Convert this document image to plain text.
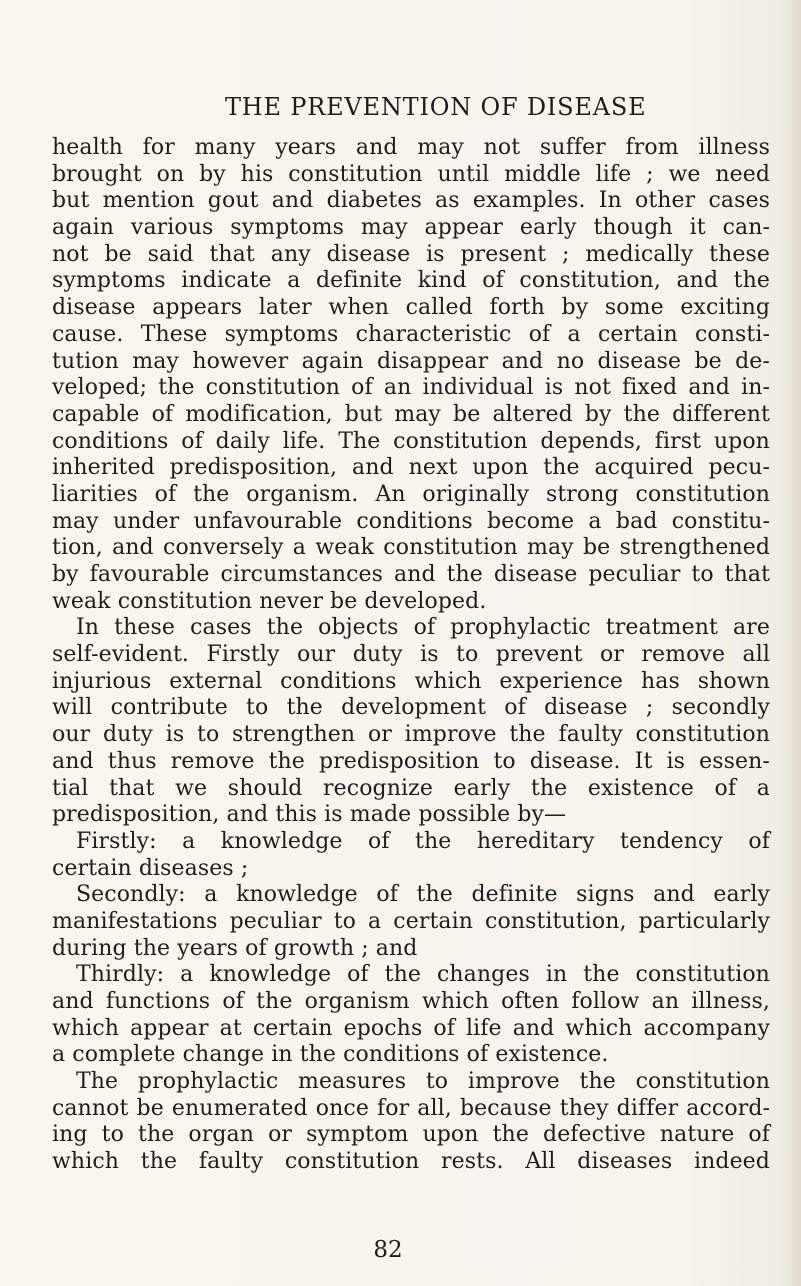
THE PREVENTION OF DISEASE
health for many years and may not suffer from illness
brought on by his constitution until middle life ; we need
but mention gout and diabetes as examples. In other cases
again various symptoms may appear early though it can-
not be said that any disease is present ; medically these
symptoms indicate a definite kind of constitution, and the
disease appears later when called forth by some exciting
cause. These symptoms characteristic of a certain consti-
tution may however again disappear and no disease be de-
veloped; the constitution of an individual is not fixed and in-
capable of modification, but may be altered by the different
conditions of daily life. The constitution depends, first upon
inherited predisposition, and next upon the acquired pecu-
liarities of the organism. An originally strong constitution
may under unfavourable conditions become a bad constitu-
tion, and conversely a weak constitution may be strengthened
by favourable circumstances and the disease peculiar to that
weak constitution never be developed.
In these cases the objects of prophylactic treatment are
self-evident. Firstly our duty is to prevent or remove all
injurious external conditions which experience has shown
will contribute to the development of disease ; secondly
our duty is to strengthen or improve the faulty constitution
and thus remove the predisposition to disease. It is essen-
tial that we should recognize early the existence of a
predisposition, and this is made possible by—
Firstly: a knowledge of the hereditary tendency of
certain diseases ;
Secondly: a knowledge of the definite signs and early
manifestations peculiar to a certain constitution, particularly
during the years of growth ; and
Thirdly: a knowledge of the changes in the constitution
and functions of the organism which often follow an illness,
which appear at certain epochs of life and which accompany
a complete change in the conditions of existence.
The prophylactic measures to improve the constitution
cannot be enumerated once for all, because they differ accord-
ing to the organ or symptom upon the defective nature of
which the faulty constitution rests. All diseases indeed
82
